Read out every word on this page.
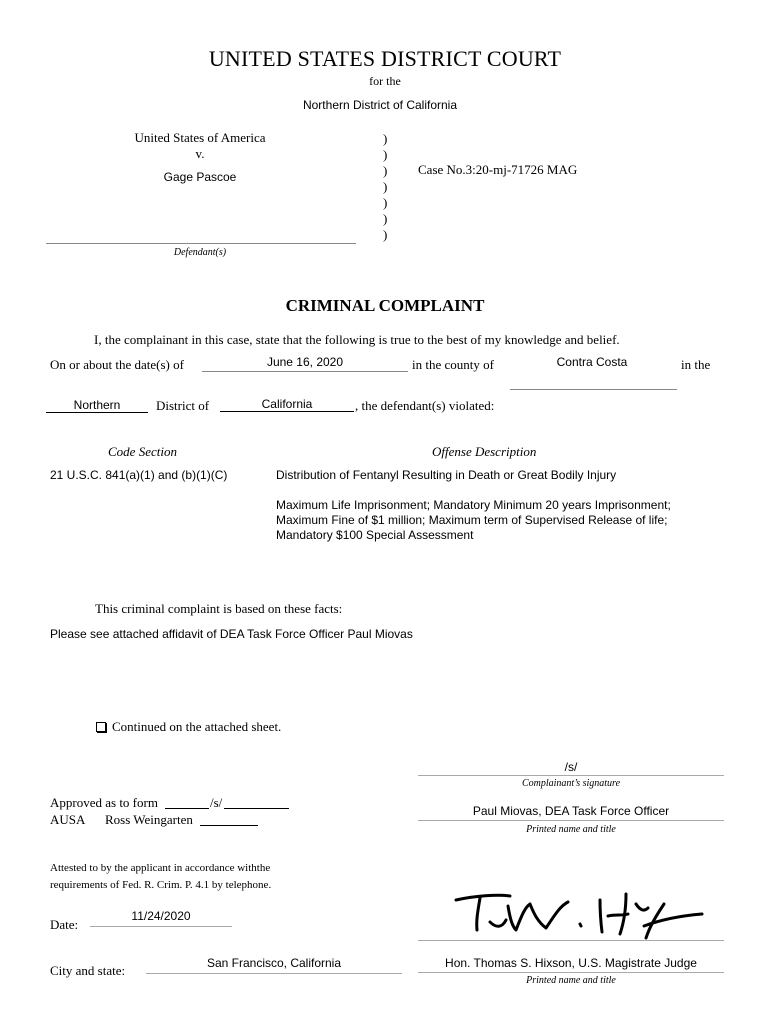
UNITED STATES DISTRICT COURT
for the
Northern District of California
United States of America
v.
Gage Pascoe
Defendant(s)
)
)
)
)
)
)
)
Case No.3:20-mj-71726 MAG
CRIMINAL COMPLAINT
I, the complainant in this case, state that the following is true to the best of my knowledge and belief.
On or about the date(s) of	June 16, 2020	in the county of	Contra Costa	in the
Northern	District of	California	, the defendant(s) violated:
Code Section	Offense Description
21 U.S.C. 841(a)(1) and (b)(1)(C)	Distribution of Fentanyl Resulting in Death or Great Bodily Injury
Maximum Life Imprisonment; Mandatory Minimum 20 years Imprisonment;
Maximum Fine of $1 million; Maximum term of Supervised Release of life;
Mandatory $100 Special Assessment
This criminal complaint is based on these facts:
Please see attached affidavit of DEA Task Force Officer Paul Miovas
Continued on the attached sheet.
/s/
Complainant’s signature
Paul Miovas, DEA Task Force Officer
Printed name and title
Approved as to form	/s/
AUSA Ross Weingarten
Attested to by the applicant in accordance withthe
requirements of Fed. R. Crim. P. 4.1 by telephone.
Date:
11/24/2020
City and state:	San Francisco, California	Hon. Thomas S. Hixson, U.S. Magistrate Judge
Printed name and title
